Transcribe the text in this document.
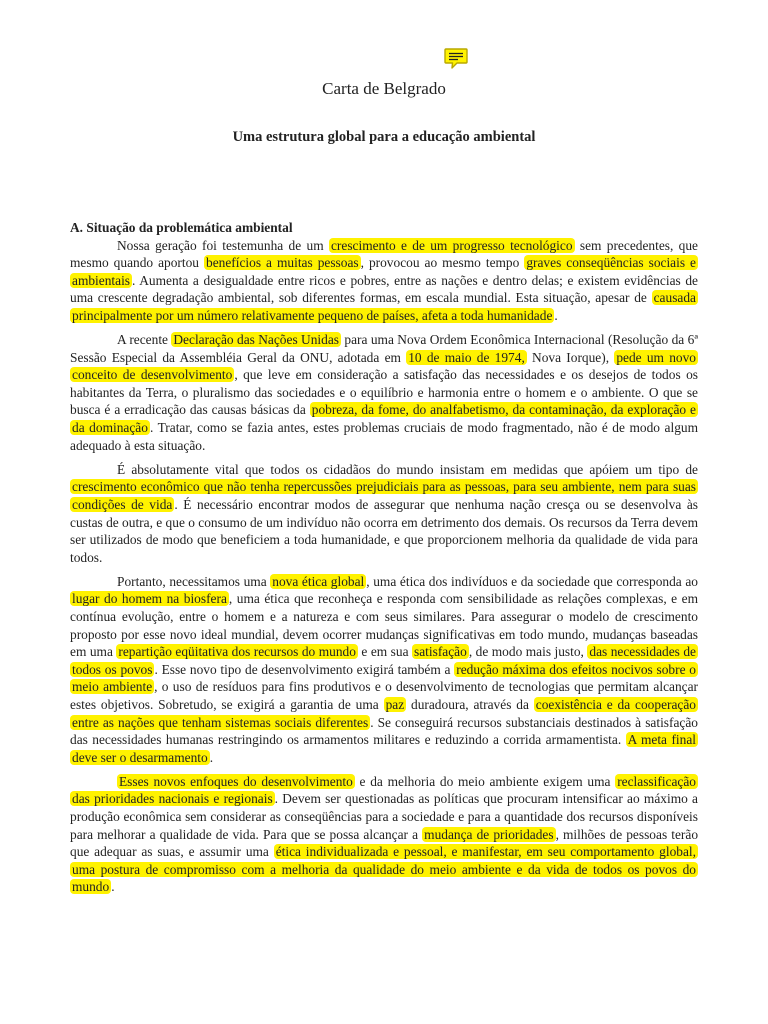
Carta de Belgrado
Uma estrutura global para a educação ambiental
A. Situação da problemática ambiental

Nossa geração foi testemunha de um crescimento e de um progresso tecnológico sem precedentes, que mesmo quando aportou benefícios a muitas pessoas , provocou ao mesmo tempo graves conseqüências sociais e ambientais . Aumenta a desigualdade entre ricos e pobres, entre as nações e dentro delas; e existem evidências de uma crescente degradação ambiental, sob diferentes formas, em escala mundial. Esta situação, apesar de causada principalmente por um número relativamente pequeno de países, afeta a toda humanidade .

A recente Declaração das Nações Unidas para uma Nova Ordem Econômica Internacional (Resolução da 6ª Sessão Especial da Assembléia Geral da ONU, adotada em 10 de maio de 1974, Nova Iorque), pede um novo conceito de desenvolvimento , que leve em consideração a satisfação das necessidades e os desejos de todos os habitantes da Terra, o pluralismo das sociedades e o equilíbrio e harmonia entre o homem e o ambiente. O que se busca é a erradicação das causas básicas da pobreza, da fome, do analfabetismo, da contaminação, da exploração e da dominação . Tratar, como se fazia antes, estes problemas cruciais de modo fragmentado, não é de modo algum adequado à esta situação.

É absolutamente vital que todos os cidadãos do mundo insistam em medidas que apóiem um tipo de crescimento econômico que não tenha repercussões prejudiciais para as pessoas, para seu ambiente, nem para suas condições de vida . É necessário encontrar modos de assegurar que nenhuma nação cresça ou se desenvolva às custas de outra, e que o consumo de um indivíduo não ocorra em detrimento dos demais. Os recursos da Terra devem ser utilizados de modo que beneficiem a toda humanidade, e que proporcionem melhoria da qualidade de vida para todos.

Portanto, necessitamos uma nova ética global , uma ética dos indivíduos e da sociedade que corresponda ao lugar do homem na biosfera , uma ética que reconheça e responda com sensibilidade as relações complexas, e em contínua evolução, entre o homem e a natureza e com seus similares. Para assegurar o modelo de crescimento proposto por esse novo ideal mundial, devem ocorrer mudanças significativas em todo mundo, mudanças baseadas em uma repartição eqüitativa dos recursos do mundo e em sua satisfação , de modo mais justo, das necessidades de todos os povos . Esse novo tipo de desenvolvimento exigirá também a redução máxima dos efeitos nocivos sobre o meio ambiente , o uso de resíduos para fins produtivos e o desenvolvimento de tecnologias que permitam alcançar estes objetivos. Sobretudo, se exigirá a garantia de uma paz duradoura, através da coexistência e da cooperação entre as nações que tenham sistemas sociais diferentes . Se conseguirá recursos substanciais destinados à satisfação das necessidades humanas restringindo os armamentos militares e reduzindo a corrida armamentista. A meta final deve ser o desarmamento .

Esses novos enfoques do desenvolvimento e da melhoria do meio ambiente exigem uma reclassificação das prioridades nacionais e regionais . Devem ser questionadas as políticas que procuram intensificar ao máximo a produção econômica sem considerar as conseqüências para a sociedade e para a quantidade dos recursos disponíveis para melhorar a qualidade de vida. Para que se possa alcançar a mudança de prioridades , milhões de pessoas terão que adequar as suas, e assumir uma ética individualizada e pessoal, e manifestar, em seu comportamento global, uma postura de compromisso com a melhoria da qualidade do meio ambiente e da vida de todos os povos do mundo .
